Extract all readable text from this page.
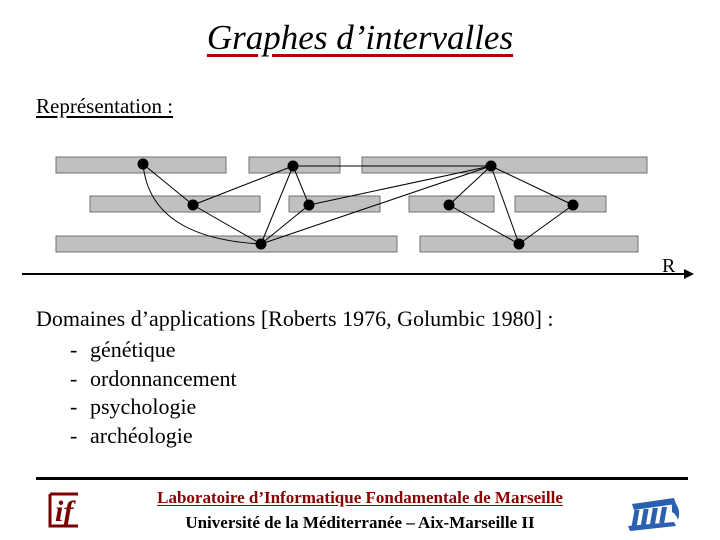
Graphes d’intervalles
Représentation :
R
Domaines d’applications [Roberts 1976, Golumbic 1980] :
- génétique
- ordonnancement
- psychologie
- archéologie
if	Laboratoire d’Informatique Fondamentale de Marseille
Université de la Méditerranée – Aix-Marseille II
